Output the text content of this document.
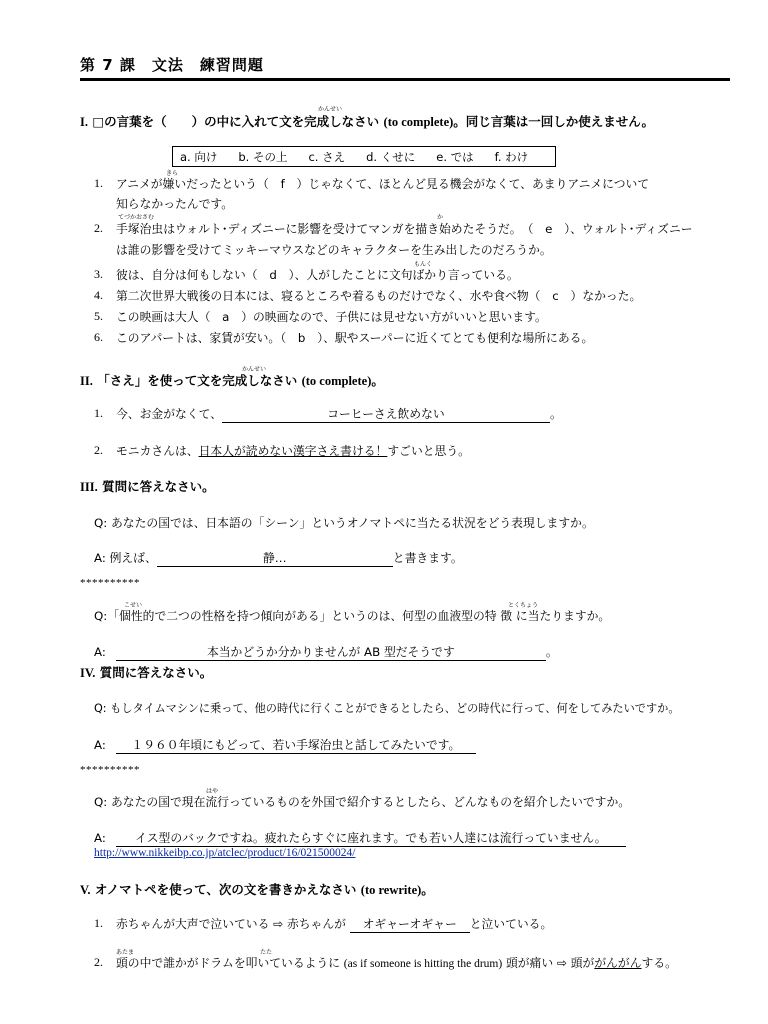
第 7 課　文法　練習問題
I. □の言葉を（　　）の中に入れて文を完成しなさい (to complete)。同じ言葉は一回しか使えません。
かんせい
a. 向け b. その上 c. さえ d. くせに e. では f. わけ
きら
1. アニメが嫌いだったという（　f　）じゃなくて、ほとんど見る機会がなくて、あまりアニメについて
知らなかったんです。
てづかおさむ	か
2. 手塚治虫はウォルト･ディズニーに影響を受けてマンガを描き始めたそうだ。　（　e　）、ウォルト･ディズニー
は誰の影響を受けてミッキーマウスなどのキャラクターを生み出したのだろうか。
もんく
3. 彼は、自分は何もしない（　d　）、人がしたことに文句ばかり言っている。
4. 第二次世界大戦後の日本には、寝るところや着るものだけでなく、水や食べ物（　c　）なかった。
5. この映画は大人（　a　）の映画なので、子供には見せない方がいいと思います。
6. このアパートは、家賃が安い。（　b　）、駅やスーパーに近くてとても便利な場所にある。
かんせい
II. 「さえ」を使って文を完成しなさい (to complete)。
1. 今、お金がなくて、	コーヒーさえ飲めない	。
2. モニカさんは、日本人が読めない漢字さえ書ける！すごいと思う。
III. 質問に答えなさい。
Q: あなたの国では、日本語の「シーン」というオノマトペに当たる状況をどう表現しますか。
A: 例えば、	静…	と書きます。
**********
こせい	とくちょう
Q:「個性的で二つの性格を持つ傾向がある」というのは、何型の血液型の特 徴 に当たりますか。
A:	本当かどうか分かりませんが AB 型だそうです	。
IV. 質問に答えなさい。
Q: もしタイムマシンに乗って、他の時代に行くことができるとしたら、どの時代に行って、何をしてみたいですか。
A: １９６０年頃にもどって、若い手塚治虫と話してみたいです。
**********
はや
Q: あなたの国で現在流行っているものを外国で紹介するとしたら、どんなものを紹介したいですか。
A: イス型のバックですね。疲れたらすぐに座れます。でも若い人達には流行っていません。
http://www.nikkeibp.co.jp/atclec/product/16/021500024/
V. オノマトペを使って、次の文を書きかえなさい (to rewrite)。
1. 赤ちゃんが大声で泣いている ⇨ 赤ちゃんが オギャーオギャー と泣いている。
あたま	たた
2. 頭の中で誰かがドラムを叩いているように (as if someone is hitting the drum) 頭が痛い ⇨ 頭ががんがんする。
